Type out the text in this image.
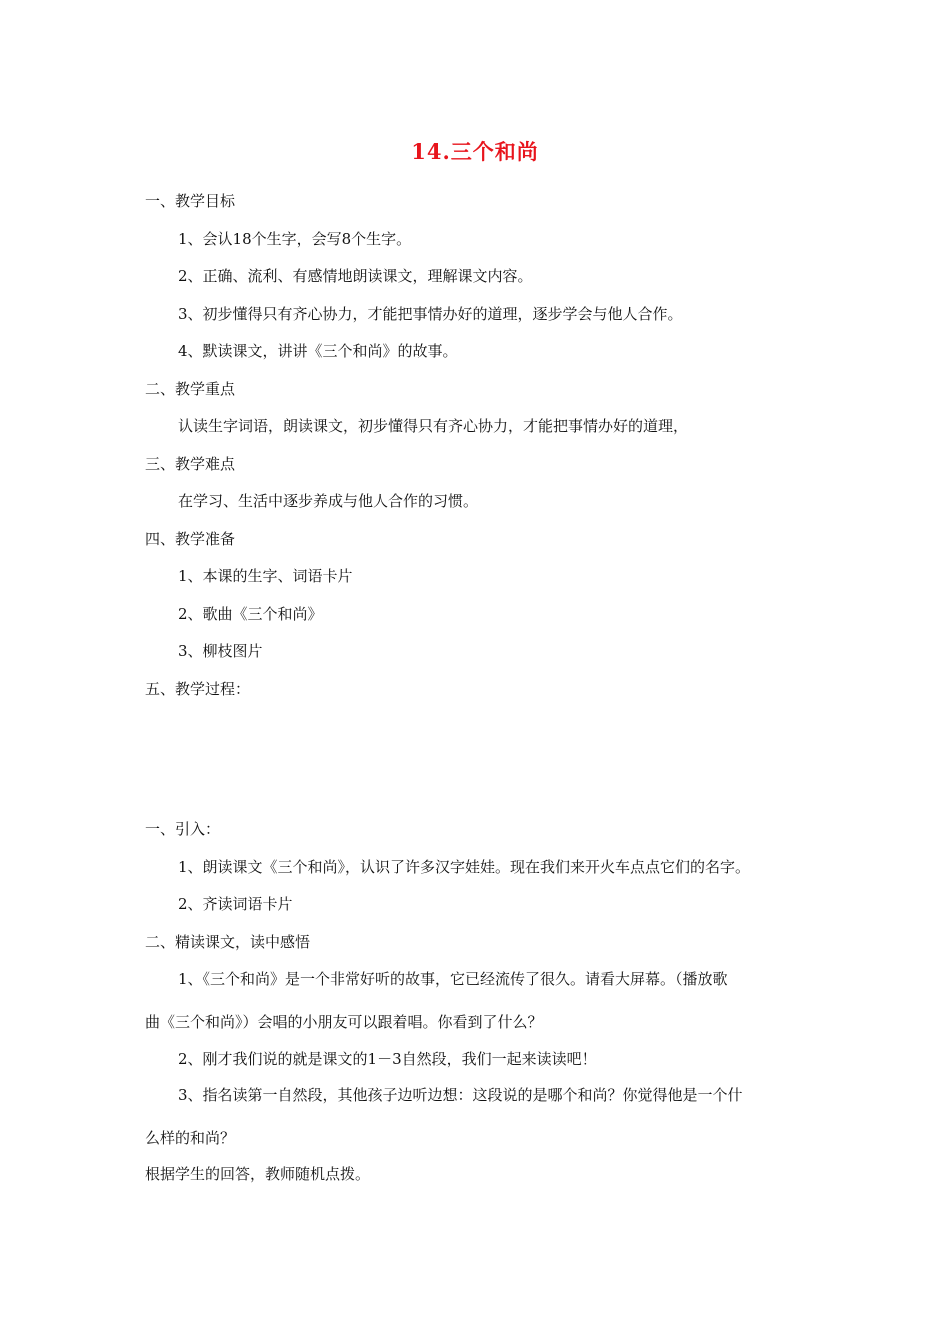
14.三个和尚
一、教学目标
1、会认18个生字，会写8个生字。
2、正确、流利、有感情地朗读课文，理解课文内容。
3、初步懂得只有齐心协力，才能把事情办好的道理，逐步学会与他人合作。
4、默读课文，讲讲《三个和尚》的故事。
二、教学重点
认读生字词语，朗读课文，初步懂得只有齐心协力，才能把事情办好的道理，
三、教学难点
在学习、生活中逐步养成与他人合作的习惯。
四、教学准备
1、本课的生字、词语卡片
2、歌曲《三个和尚》
3、柳枝图片
五、教学过程：
一、引入：
1、朗读课文《三个和尚》，认识了许多汉字娃娃。现在我们来开火车点点它们的名字。
2、齐读词语卡片
二、精读课文，读中感悟
1、《三个和尚》是一个非常好听的故事，它已经流传了很久。请看大屏幕。（播放歌
曲《三个和尚》）会唱的小朋友可以跟着唱。你看到了什么？
2、刚才我们说的就是课文的1－3自然段，我们一起来读读吧！
3、指名读第一自然段，其他孩子边听边想：这段说的是哪个和尚？你觉得他是一个什
么样的和尚？
根据学生的回答，教师随机点拨。
